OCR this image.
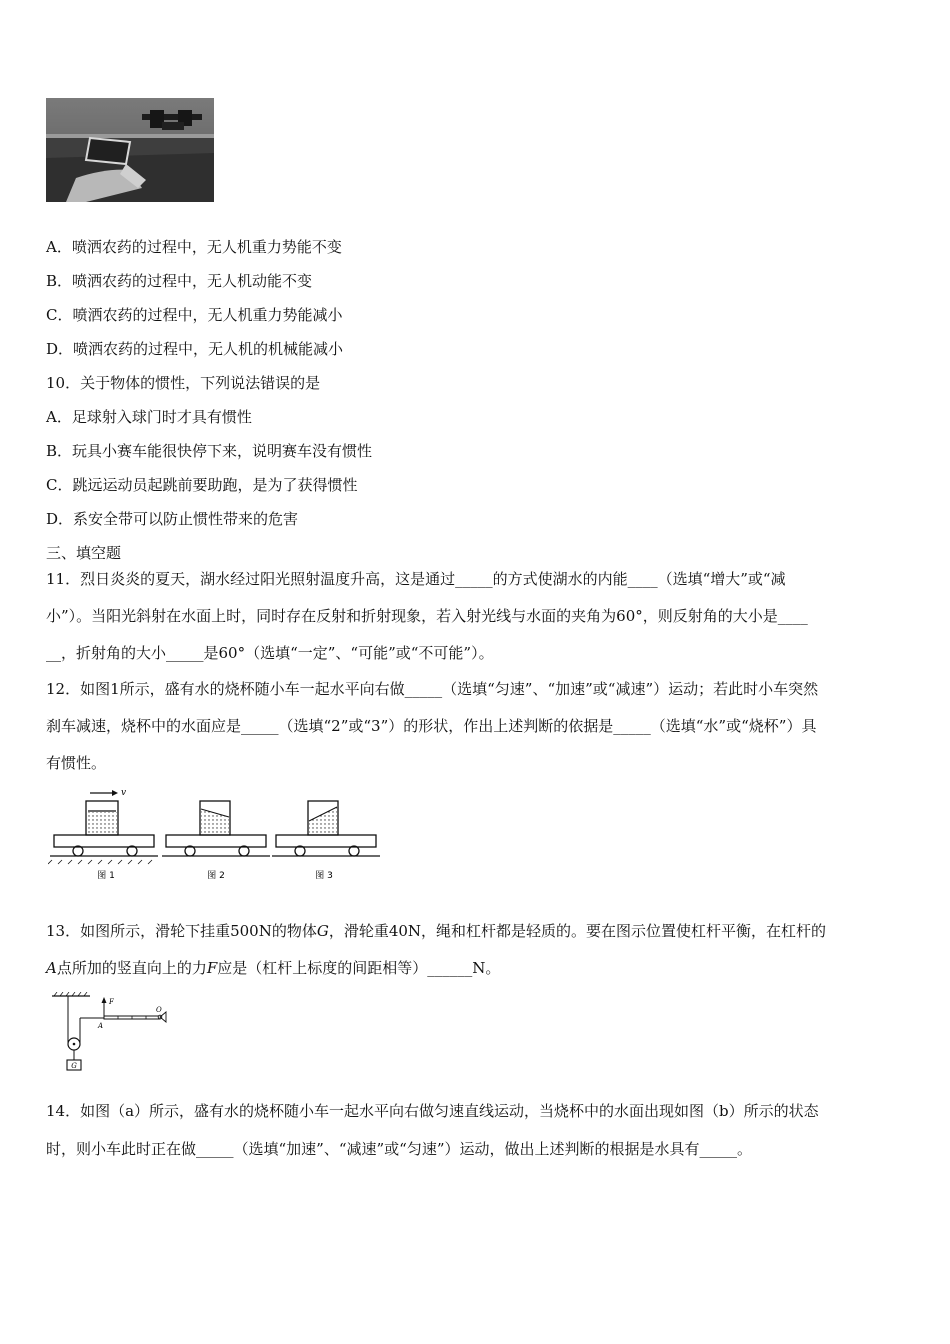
A．喷洒农药的过程中，无人机重力势能不变
B．喷洒农药的过程中，无人机动能不变
C．喷洒农药的过程中，无人机重力势能减小
D．喷洒农药的过程中，无人机的机械能减小
10．关于物体的惯性，下列说法错误的是
A．足球射入球门时才具有惯性
B．玩具小赛车能很快停下来，说明赛车没有惯性
C．跳远运动员起跳前要助跑，是为了获得惯性
D．系安全带可以防止惯性带来的危害
三、填空题
11．烈日炎炎的夏天，湖水经过阳光照射温度升高，这是通过_____的方式使湖水的内能____（选填“增大”或“减
小”）。当阳光斜射在水面上时，同时存在反射和折射现象，若入射光线与水面的夹角为60°，则反射角的大小是____
__，折射角的大小_____是60°（选填“一定”、“可能”或“不可能”）。
12．如图1所示，盛有水的烧杯随小车一起水平向右做_____（选填“匀速”、“加速”或“减速”）运动；若此时小车突然
刹车减速，烧杯中的水面应是_____（选填“2”或“3”）的形状，作出上述判断的依据是_____（选填“水”或“烧杯”）具
有惯性。
v
图 1	图 2	图 3
13．如图所示，滑轮下挂重500N的物体G，滑轮重40N，绳和杠杆都是轻质的。要在图示位置使杠杆平衡，在杠杆的
A点所加的竖直向上的力F应是（杠杆上标度的间距相等）______N。
G
F
A
O
14．如图（a）所示，盛有水的烧杯随小车一起水平向右做匀速直线运动，当烧杯中的水面出现如图（b）所示的状态
时，则小车此时正在做_____（选填“加速”、“减速”或“匀速”）运动，做出上述判断的根据是水具有_____。
